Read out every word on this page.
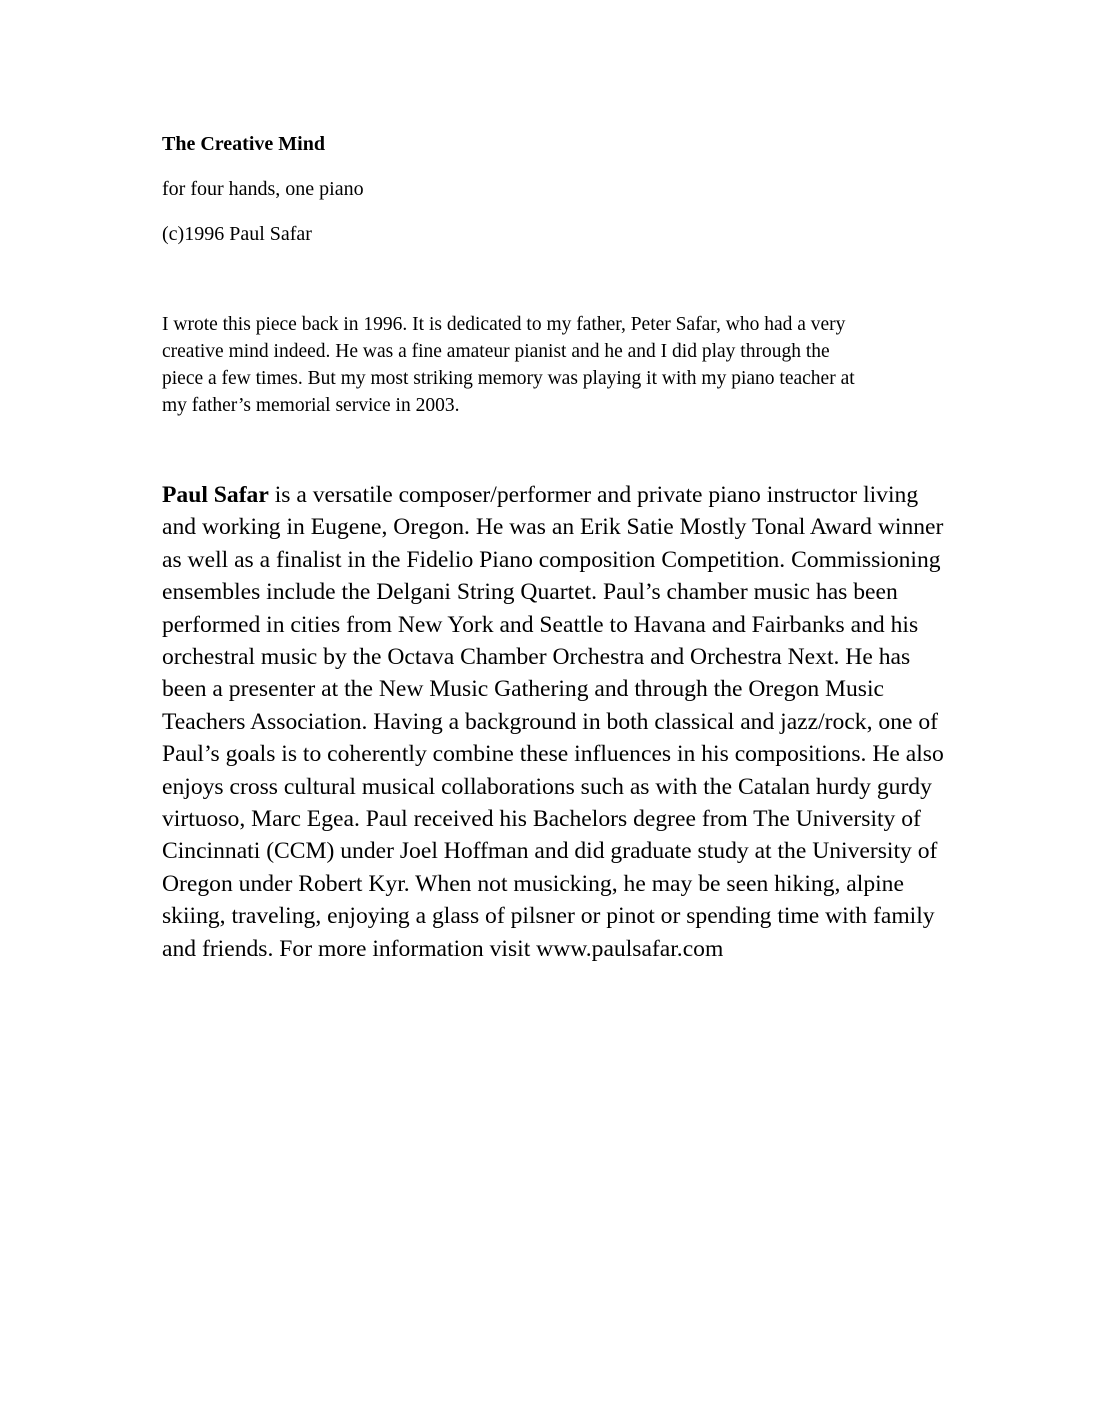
The Creative Mind
for four hands, one piano
(c)1996 Paul Safar
I wrote this piece back in 1996. It is dedicated to my father, Peter Safar, who had a very
creative mind indeed. He was a fine amateur pianist and he and I did play through the
piece a few times. But my most striking memory was playing it with my piano teacher at
my father’s memorial service in 2003.
Paul Safar is a versatile composer/performer and private piano instructor living
and working in Eugene, Oregon. He was an Erik Satie Mostly Tonal Award winner
as well as a finalist in the Fidelio Piano composition Competition. Commissioning
ensembles include the Delgani String Quartet. Paul’s chamber music has been
performed in cities from New York and Seattle to Havana and Fairbanks and his
orchestral music by the Octava Chamber Orchestra and Orchestra Next. He has
been a presenter at the New Music Gathering and through the Oregon Music
Teachers Association. Having a background in both classical and jazz/rock, one of
Paul’s goals is to coherently combine these influences in his compositions. He also
enjoys cross cultural musical collaborations such as with the Catalan hurdy gurdy
virtuoso, Marc Egea. Paul received his Bachelors degree from The University of
Cincinnati (CCM) under Joel Hoffman and did graduate study at the University of
Oregon under Robert Kyr. When not musicking, he may be seen hiking, alpine
skiing, traveling, enjoying a glass of pilsner or pinot or spending time with family
and friends. For more information visit www.paulsafar.com
